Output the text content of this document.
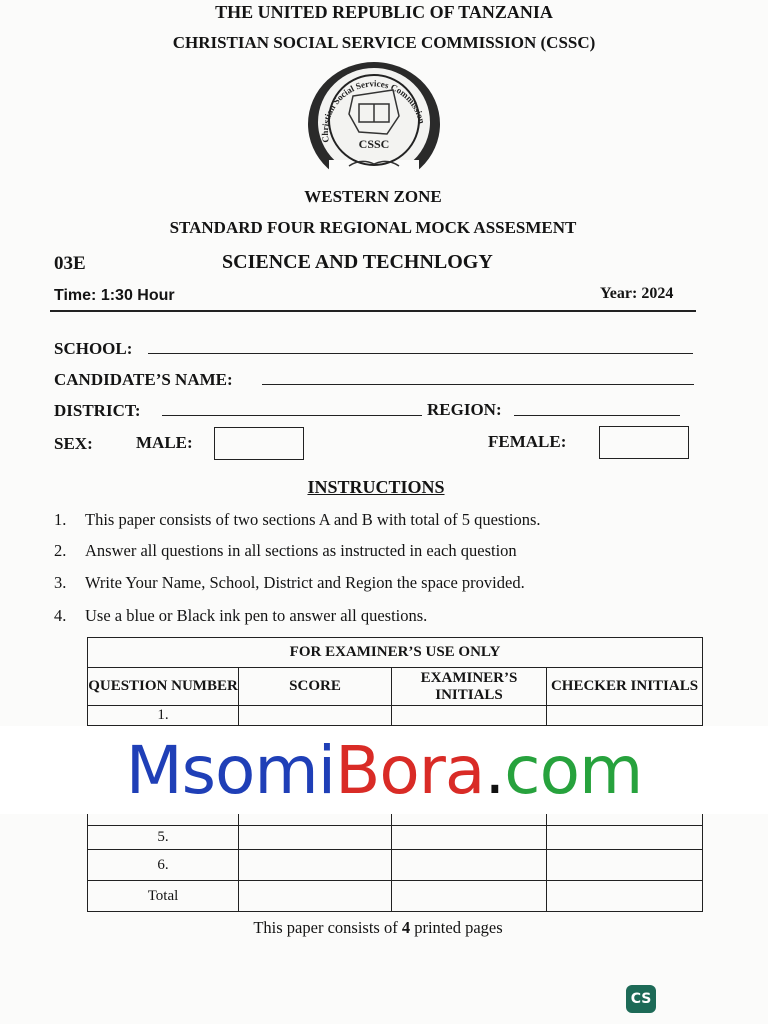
THE UNITED REPUBLIC OF TANZANIA
CHRISTIAN SOCIAL SERVICE COMMISSION (CSSC)
Christian Social Services Commission
CSSC
WESTERN ZONE
STANDARD FOUR REGIONAL MOCK ASSESMENT
03E	SCIENCE AND TECHNLOGY
Time: 1:30 Hour	Year: 2024
SCHOOL:
CANDIDATE’S NAME:
DISTRICT:	REGION:
SEX:	MALE:	FEMALE:
INSTRUCTIONS
1. This paper consists of two sections A and B with total of 5 questions.
2. Answer all questions in all sections as instructed in each question
3. Write Your Name, School, District and Region the space provided.
4. Use a blue or Black ink pen to answer all questions.
FOR EXAMINER’S USE ONLY			
QUESTION NUMBER	SCORE	EXAMINER’S INITIALS	CHECKER INITIALS
1.			

5.			
6.			
Total			
Msomi Bora . com
This paper consists of 4 printed pages
CS
